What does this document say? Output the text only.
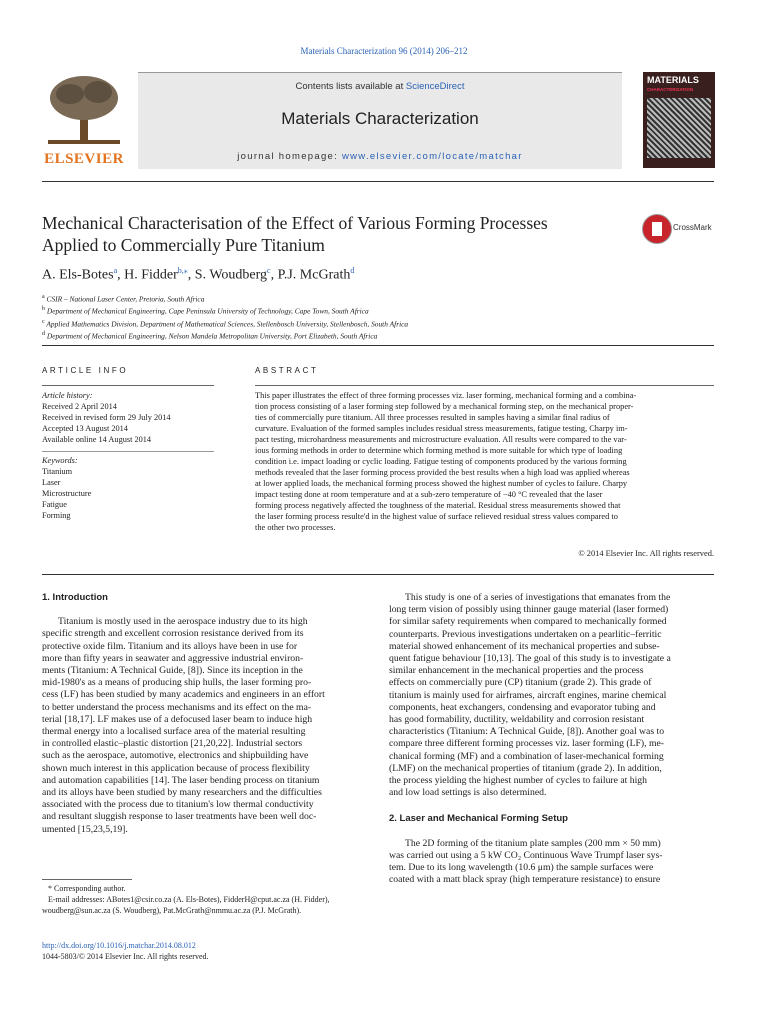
Materials Characterization 96 (2014) 206–212
ELSEVIER
Contents lists available at ScienceDirect
Materials Characterization
journal homepage: www.elsevier.com/locate/matchar
MATERIALS
CHARACTERIZATION
Mechanical Characterisation of the Effect of Various Forming Processes
Applied to Commercially Pure Titanium
CrossMark
A. Els-Botes$^a$, H. Fidder$^{b,⁎}$, S. Woudberg$^c$, P.J. McGrath$^d$
$^a$ CSIR – National Laser Center, Pretoria, South Africa
$^b$ Department of Mechanical Engineering, Cape Peninsula University of Technology, Cape Town, South Africa
$^c$ Applied Mathematics Division, Department of Mathematical Sciences, Stellenbosch University, Stellenbosch, South Africa
$^d$ Department of Mechanical Engineering, Nelson Mandela Metropolitan University, Port Elizabeth, South Africa
ARTICLE INFO	ABSTRACT
Article history:
Received 2 April 2014
Received in revised form 29 July 2014
Accepted 13 August 2014
Available online 14 August 2014
Keywords:
Titanium
Laser
Microstructure
Fatigue
Forming
This paper illustrates the effect of three forming processes viz. laser forming, mechanical forming and a combina-
tion process consisting of a laser forming step followed by a mechanical forming step, on the mechanical proper-
ties of commercially pure titanium. All three processes resulted in samples having a similar final radius of
curvature. Evaluation of the formed samples includes residual stress measurements, fatigue testing, Charpy im-
pact testing, microhardness measurements and microstructure evaluation. All results were compared to the var-
ious forming methods in order to determine which forming method is more suitable for which type of loading
condition i.e. impact loading or cyclic loading. Fatigue testing of components produced by the various forming
methods revealed that the laser forming process provided the best results when a high load was applied whereas
at lower applied loads, the mechanical forming process showed the highest number of cycles to failure. Charpy
impact testing done at room temperature and at a sub-zero temperature of −40 °C revealed that the laser
forming process negatively affected the toughness of the material. Residual stress measurements showed that
the laser forming process resulte'd in the highest value of surface relieved residual stress values compared to
the other two processes.
© 2014 Elsevier Inc. All rights reserved.
1. Introduction
Titanium is mostly used in the aerospace industry due to its high
specific strength and excellent corrosion resistance derived from its
protective oxide film. Titanium and its alloys have been in use for
more than fifty years in seawater and aggressive industrial environ-
ments (Titanium: A Technical Guide, [8]). Since its inception in the
mid-1980's as a means of producing ship hulls, the laser forming pro-
cess (LF) has been studied by many academics and engineers in an effort
to better understand the process mechanisms and its effect on the ma-
terial [18,17]. LF makes use of a defocused laser beam to induce high
thermal energy into a localised surface area of the material resulting
in controlled elastic–plastic distortion [21,20,22]. Industrial sectors
such as the aerospace, automotive, electronics and shipbuilding have
shown much interest in this application because of process flexibility
and automation capabilities [14]. The laser bending process on titanium
and its alloys have been studied by many researchers and the difficulties
associated with the process due to titanium's low thermal conductivity
and resultant sluggish response to laser treatments have been well doc-
umented [15,23,5,19].
This study is one of a series of investigations that emanates from the
long term vision of possibly using thinner gauge material (laser formed)
for similar safety requirements when compared to mechanically formed
counterparts. Previous investigations undertaken on a pearlitic–ferritic
material showed enhancement of its mechanical properties and subse-
quent fatigue behaviour [10,13]. The goal of this study is to investigate a
similar enhancement in the mechanical properties and the process
effects on commercially pure (CP) titanium (grade 2). This grade of
titanium is mainly used for airframes, aircraft engines, marine chemical
components, heat exchangers, condensing and evaporator tubing and
has good formability, ductility, weldability and corrosion resistant
characteristics (Titanium: A Technical Guide, [8]). Another goal was to
compare three different forming processes viz. laser forming (LF), me-
chanical forming (MF) and a combination of laser-mechanical forming
(LMF) on the mechanical properties of titanium (grade 2). In addition,
the process yielding the highest number of cycles to failure at high
and low load settings is also determined.
2. Laser and Mechanical Forming Setup
The 2D forming of the titanium plate samples (200 mm × 50 mm)
was carried out using a 5 kW CO₂ Continuous Wave Trumpf laser sys-
tem. Due to its long wavelength (10.6 μm) the sample surfaces were
coated with a matt black spray (high temperature resistance) to ensure
* Corresponding author.
E-mail addresses: ABotes1@csir.co.za (A. Els-Botes), FidderH@cput.ac.za (H. Fidder),
woudberg@sun.ac.za (S. Woudberg), Pat.McGrath@nmmu.ac.za (P.J. McGrath).
http://dx.doi.org/10.1016/j.matchar.2014.08.012
1044-5803/© 2014 Elsevier Inc. All rights reserved.
